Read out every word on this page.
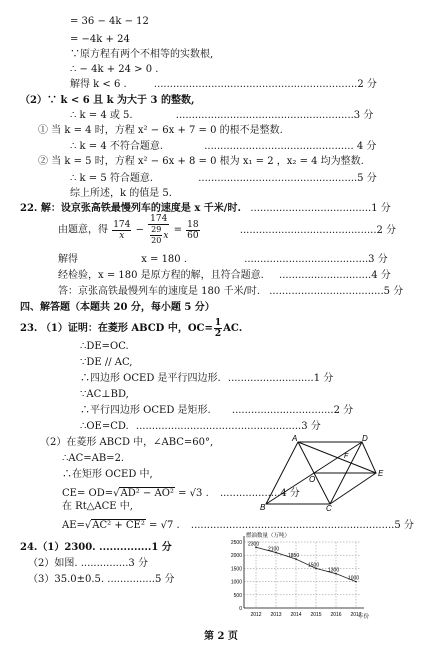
= 36 − 4k − 12
= −4k + 24
∵原方程有两个不相等的实数根,
∴ − 4k + 24 > 0 .
解得 k < 6 .	................................................................2 分
（2）∵ k < 6 且 k 为大于 3 的整数,
∴ k = 4 或 5.	........................................................3 分
① 当 k = 4 时，方程 x² − 6x + 7 = 0 的根不是整数.
∴ k = 4 不符合题意.	............................................... 4 分
② 当 k = 5 时，方程 x² − 6x + 8 = 0 根为 x₁ = 2 ，x₂ = 4 均为整数.
∴ k = 5 符合题意.	..................................................5 分
综上所述，k 的值是 5.
22. 解：设京张高铁最慢列车的速度是 x 千米/时. ......................................1 分
由题意，得 $\frac{174}{x} - \frac{174}{\frac{29}{20} x} = \frac{18}{60}$	...........................................2 分
解得	x = 180 .	.......................................3 分
经检验，x = 180 是原方程的解，且符合题意. .............................4 分
答：京张高铁最慢列车的速度是 180 千米/时. ....................................5 分
四、解答题（本题共 20 分，每小题 5 分）
23. （1）证明：在菱形 ABCD 中，$OC= \frac{1}{2}$ AC.
∴DE=OC.
∵DE // AC,
∴四边形 OCED 是平行四边形. ...........................1 分
∵AC⊥BD,
∴平行四边形 OCED 是矩形. ................................2 分
∴OE=CD. ....................................................3 分
（2）在菱形 ABCD 中，∠ABC=60°,
∴AC=AB=2.
∴在矩形 OCED 中,
CE= OD=√AD² − AO² = √3 . ...................4 分
在 Rt△ACE 中,
AE=√AC² + CE² = √7 . ................................................................5 分
24.（1）2300. ...............1 分
（2）如图. ...............3 分
（3）35.0±0.5. ...............5 分
第 2 页
A	D
B	C
E
O
F
燃油数量（万吨）
年份
0
500
1000
1500
2000
2500
2012 2013 2014 2015 2016 2017
2300
2100
1850
1500
1300
1000
